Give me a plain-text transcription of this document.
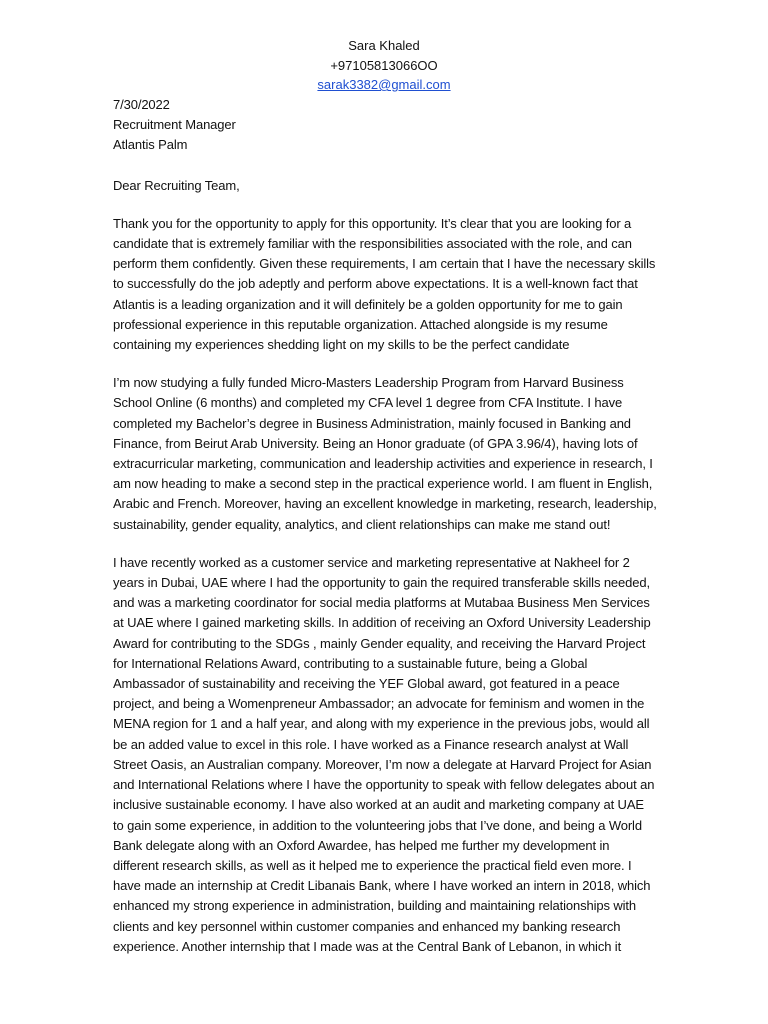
Sara Khaled
+97105813066OO
sarak3382@gmail.com
7/30/2022
Recruitment Manager
Atlantis Palm
Dear Recruiting Team,

Thank you for the opportunity to apply for this opportunity. It’s clear that you are looking for a candidate that is extremely familiar with the responsibilities associated with the role, and can perform them confidently. Given these requirements, I am certain that I have the necessary skills to successfully do the job adeptly and perform above expectations. It is a well-known fact that Atlantis is a leading organization and it will definitely be a golden opportunity for me to gain professional experience in this reputable organization. Attached alongside is my resume containing my experiences shedding light on my skills to be the perfect candidate

I’m now studying a fully funded Micro-Masters Leadership Program from Harvard Business School Online (6 months) and completed my CFA level 1 degree from CFA Institute. I have completed my Bachelor’s degree in Business Administration, mainly focused in Banking and Finance, from Beirut Arab University. Being an Honor graduate (of GPA 3.96/4), having lots of extracurricular marketing, communication and leadership activities and experience in research, I am now heading to make a second step in the practical experience world. I am fluent in English, Arabic and French. Moreover, having an excellent knowledge in marketing, research, leadership, sustainability, gender equality, analytics, and client relationships can make me stand out!

I have recently worked as a customer service and marketing representative at Nakheel for 2 years in Dubai, UAE where I had the opportunity to gain the required transferable skills needed, and was a marketing coordinator for social media platforms at Mutabaa Business Men Services at UAE where I gained marketing skills. In addition of receiving an Oxford University Leadership Award for contributing to the SDGs , mainly Gender equality, and receiving the Harvard Project for International Relations Award, contributing to a sustainable future, being a Global Ambassador of sustainability and receiving the YEF Global award, got featured in a peace project, and being a Womenpreneur Ambassador; an advocate for feminism and women in the MENA region for 1 and a half year, and along with my experience in the previous jobs, would all be an added value to excel in this role. I have worked as a Finance research analyst at Wall Street Oasis, an Australian company. Moreover, I’m now a delegate at Harvard Project for Asian and International Relations where I have the opportunity to speak with fellow delegates about an inclusive sustainable economy. I have also worked at an audit and marketing company at UAE to gain some experience, in addition to the volunteering jobs that I’ve done, and being a World Bank delegate along with an Oxford Awardee, has helped me further my development in different research skills, as well as it helped me to experience the practical field even more. I have made an internship at Credit Libanais Bank, where I have worked an intern in 2018, which enhanced my strong experience in administration, building and maintaining relationships with clients and key personnel within customer companies and enhanced my banking research experience. Another internship that I made was at the Central Bank of Lebanon, in which it
